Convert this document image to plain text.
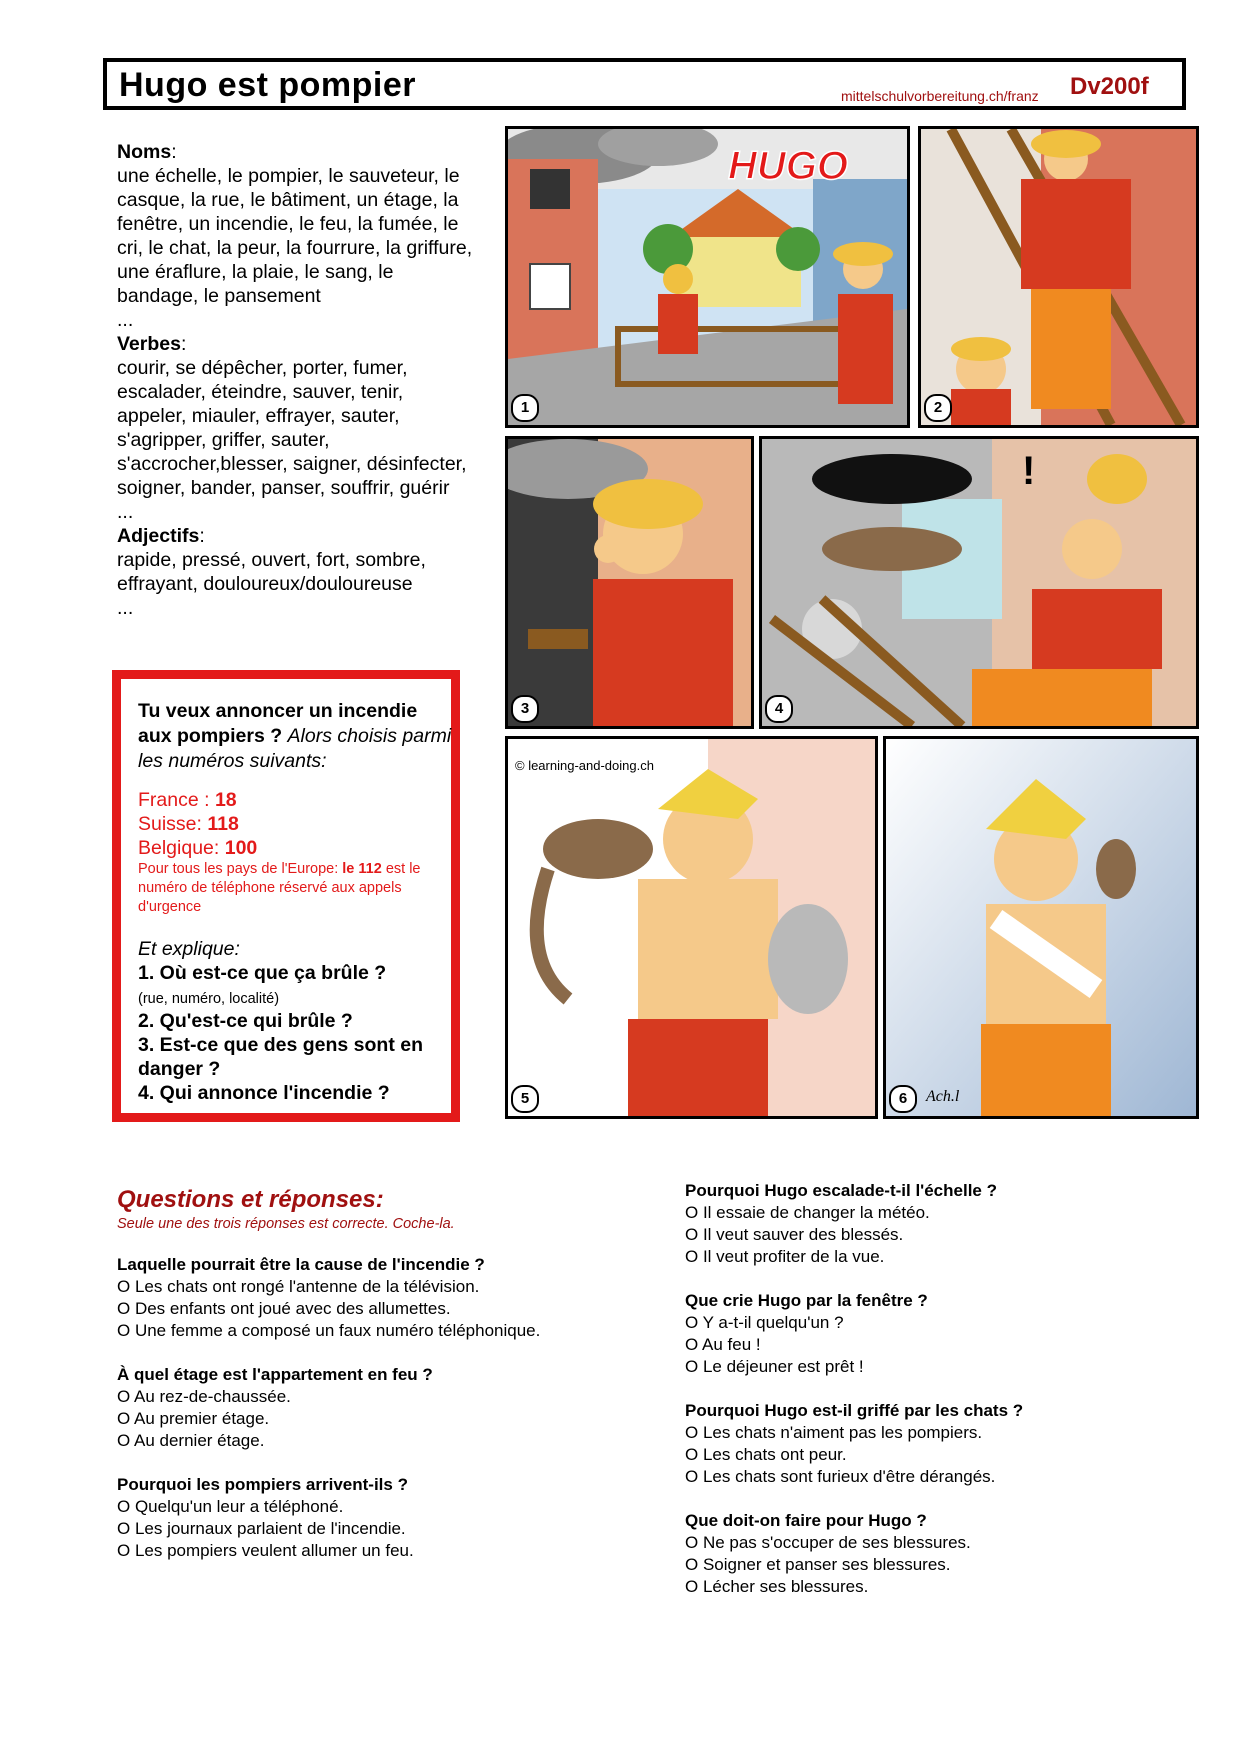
Hugo est pompier	mittelschulvorbereitung.ch/franz Dv200f
Noms:
une échelle, le pompier, le sauveteur, le casque, la rue, le bâtiment, un étage, la fenêtre, un incendie, le feu, la fumée, le cri, le chat, la peur, la fourrure, la griffure, une éraflure, la plaie, le sang, le bandage, le pansement
...
Verbes:
courir, se dépêcher, porter, fumer, escalader, éteindre, sauver, tenir, appeler, miauler, effrayer, sauter, s'agripper, griffer, sauter, s'accrocher,blesser, saigner, désinfecter, soigner, bander, panser, souffrir, guérir
...
Adjectifs:
rapide, pressé, ouvert, fort, sombre, effrayant, douloureux/douloureuse
...
Tu veux annoncer un incendie aux pompiers ? Alors choisis parmi les numéros suivants:
France : 18
Suisse: 118
Belgique: 100
Pour tous les pays de l'Europe: le 112 est le numéro de téléphone réservé aux appels d'urgence
Et explique:
1. Où est-ce que ça brûle ?
(rue, numéro, localité)
2. Qu'est-ce qui brûle ?

3. Est-ce que des gens sont en danger ?
4. Qui annonce l'incendie ?
HUGO
1	2
3
!
4
5	Ach.l
6
© learning-and-doing.ch
Questions et réponses:
Seule une des trois réponses est correcte. Coche-la.
Laquelle pourrait être la cause de l'incendie ?
O Les chats ont rongé l'antenne de la télévision.
O Des enfants ont joué avec des allumettes.
O Une femme a composé un faux numéro téléphonique.
À quel étage est l'appartement en feu ?
O Au rez-de-chaussée.
O Au premier étage.
O Au dernier étage.
Pourquoi les pompiers arrivent-ils ?
O Quelqu'un leur a téléphoné.
O Les journaux parlaient de l'incendie.
O Les pompiers veulent allumer un feu.
Pourquoi Hugo escalade-t-il l'échelle ?
O Il essaie de changer la météo.
O Il veut sauver des blessés.
O Il veut profiter de la vue.
Que crie Hugo par la fenêtre ?
O Y a-t-il quelqu'un ?
O Au feu !
O Le déjeuner est prêt !
Pourquoi Hugo est-il griffé par les chats ?
O Les chats n'aiment pas les pompiers.
O Les chats ont peur.
O Les chats sont furieux d'être dérangés.
Que doit-on faire pour Hugo ?
O Ne pas s'occuper de ses blessures.
O Soigner et panser ses blessures.
O Lécher ses blessures.
